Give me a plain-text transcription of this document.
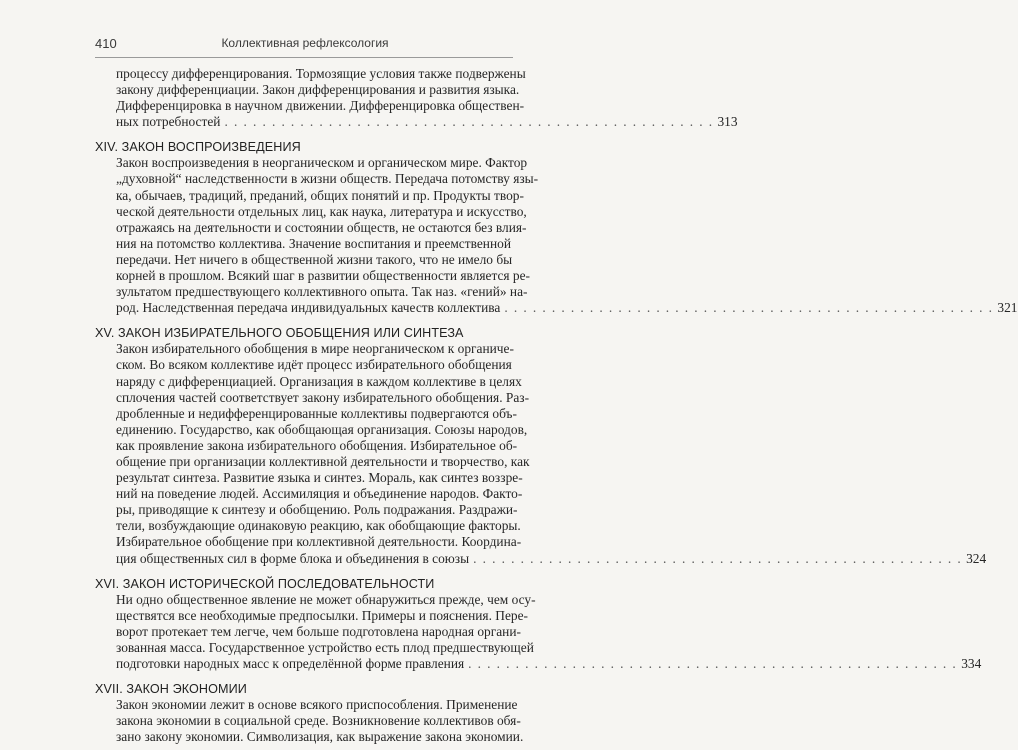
410	Коллективная рефлексология
процессу дифференцирования. Тормозящие условия также подвержены
закону дифференциации. Закон дифференцирования и развития языка.
Дифференцировка в научном движении. Дифференцировка обществен-
ных потребностей . . . . . . . . . . . . . . . . . . . . . . . . . . . . . . . . . . . . . . . . . . . . . . . . . . . . 313
XIV. ЗАКОН ВОСПРОИЗВЕДЕНИЯ
Закон воспроизведения в неорганическом и органическом мире. Фактор
„духовной“ наследственности в жизни обществ. Передача потомству язы-
ка, обычаев, традиций, преданий, общих понятий и пр. Продукты твор-
ческой деятельности отдельных лиц, как наука, литература и искусство,
отражаясь на деятельности и состоянии обществ, не остаются без влия-
ния на потомство коллектива. Значение воспитания и преемственной
передачи. Нет ничего в общественной жизни такого, что не имело бы
корней в прошлом. Всякий шаг в развитии общественности является ре-
зультатом предшествующего коллективного опыта. Так наз. «гений» на-
род. Наследственная передача индивидуальных качеств коллектива . . . . . . . . . . . . . . . . . . . . . . . . . . . . . . . . . . . . . . . . . . . . . . . . . . . . 321
XV. ЗАКОН ИЗБИРАТЕЛЬНОГО ОБОБЩЕНИЯ ИЛИ СИНТЕЗА
Закон избирательного обобщения в мире неорганическом к органиче-
ском. Во всяком коллективе идёт процесс избирательного обобщения
наряду с дифференциацией. Организация в каждом коллективе в целях
сплочения частей соответствует закону избирательного обобщения. Раз-
дробленные и недифференцированные коллективы подвергаются объ-
единению. Государство, как обобщающая организация. Союзы народов,
как проявление закона избирательного обобщения. Избирательное об-
общение при организации коллективной деятельности и творчество, как
результат синтеза. Развитие языка и синтез. Мораль, как синтез воззре-
ний на поведение людей. Ассимиляция и объединение народов. Факто-
ры, приводящие к синтезу и обобщению. Роль подражания. Раздражи-
тели, возбуждающие одинаковую реакцию, как обобщающие факторы.
Избирательное обобщение при коллективной деятельности. Координа-
ция общественных сил в форме блока и объединения в союзы . . . . . . . . . . . . . . . . . . . . . . . . . . . . . . . . . . . . . . . . . . . . . . . . . . . . 324
XVI. ЗАКОН ИСТОРИЧЕСКОЙ ПОСЛЕДОВАТЕЛЬНОСТИ
Ни одно общественное явление не может обнаружиться прежде, чем осу-
ществятся все необходимые предпосылки. Примеры и пояснения. Пере-
ворот протекает тем легче, чем больше подготовлена народная органи-
зованная масса. Государственное устройство есть плод предшествующей
подготовки народных масс к определённой форме правления . . . . . . . . . . . . . . . . . . . . . . . . . . . . . . . . . . . . . . . . . . . . . . . . . . . . 334
XVII. ЗАКОН ЭКОНОМИИ
Закон экономии лежит в основе всякого приспособления. Применение
закона экономии в социальной среде. Возникновение коллективов обя-
зано закону экономии. Символизация, как выражение закона экономии.
